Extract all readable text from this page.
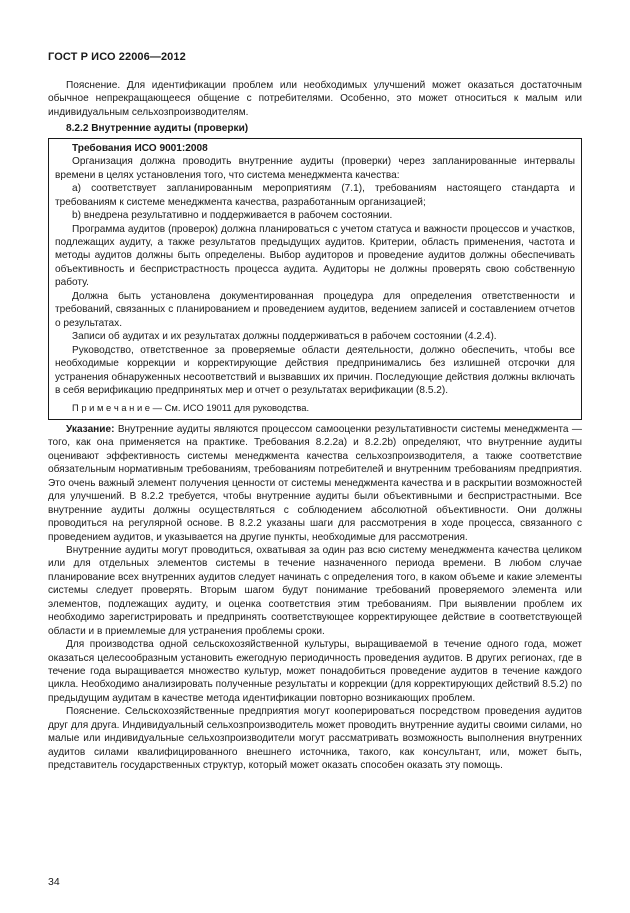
ГОСТ Р ИСО 22006—2012

Пояснение. Для идентификации проблем или необходимых улучшений может оказаться достаточным обычное непрекращающееся общение с потребителями. Особенно, это может относиться к малым или индивидуальным сельхозпроизводителям.

8.2.2 Внутренние аудиты (проверки)

Требования ИСО 9001:2008

Организация должна проводить внутренние аудиты (проверки) через запланированные интервалы времени в целях установления того, что система менеджмента качества:

a) соответствует запланированным мероприятиям (7.1), требованиям настоящего стандарта и требованиям к системе менеджмента качества, разработанным организацией;

b) внедрена результативно и поддерживается в рабочем состоянии.

Программа аудитов (проверок) должна планироваться с учетом статуса и важности процессов и участков, подлежащих аудиту, а также результатов предыдущих аудитов. Критерии, область применения, частота и методы аудитов должны быть определены. Выбор аудиторов и проведение аудитов должны обеспечивать объективность и беспристрастность процесса аудита. Аудиторы не должны проверять свою собственную работу.

Должна быть установлена документированная процедура для определения ответственности и требований, связанных с планированием и проведением аудитов, ведением записей и составлением отчетов о результатах.

Записи об аудитах и их результатах должны поддерживаться в рабочем состоянии (4.2.4).

Руководство, ответственное за проверяемые области деятельности, должно обеспечить, чтобы все необходимые коррекции и корректирующие действия предпринимались без излишней отсрочки для устранения обнаруженных несоответствий и вызвавших их причин. Последующие действия должны включать в себя верификацию предпринятых мер и отчет о результатах верификации (8.5.2).

П р и м е ч а н и е — См. ИСО 19011 для руководства.

Указание: Внутренние аудиты являются процессом самооценки результативности системы менеджмента — того, как она применяется на практике. Требования 8.2.2a) и 8.2.2b) определяют, что внутренние аудиты оценивают эффективность системы менеджмента качества сельхозпроизводителя, а также соответствие обязательным нормативным требованиям, требованиям потребителей и внутренним требованиям предприятия. Это очень важный элемент получения ценности от системы менеджмента качества и в раскрытии возможностей для улучшений. В 8.2.2 требуется, чтобы внутренние аудиты были объективными и беспристрастными. Все внутренние аудиты должны осуществляться с соблюдением абсолютной объективности. Они должны проводиться на регулярной основе. В 8.2.2 указаны шаги для рассмотрения в ходе процесса, связанного с проведением аудитов, и указывается на другие пункты, необходимые для рассмотрения.

Внутренние аудиты могут проводиться, охватывая за один раз всю систему менеджмента качества целиком или для отдельных элементов системы в течение назначенного периода времени. В любом случае планирование всех внутренних аудитов следует начинать с определения того, в каком объеме и какие элементы системы следует проверять. Вторым шагом будут понимание требований проверяемого элемента или элементов, подлежащих аудиту, и оценка соответствия этим требованиям. При выявлении проблем их необходимо зарегистрировать и предпринять соответствующее корректирующее действие в соответствующей области и в приемлемые для устранения проблемы сроки.

Для производства одной сельскохозяйственной культуры, выращиваемой в течение одного года, может оказаться целесообразным установить ежегодную периодичность проведения аудитов. В других регионах, где в течение года выращивается множество культур, может понадобиться проведение аудитов в течение каждого цикла. Необходимо анализировать полученные результаты и коррекции (для корректирующих действий 8.5.2) по предыдущим аудитам в качестве метода идентификации повторно возникающих проблем.

Пояснение. Сельскохозяйственные предприятия могут кооперироваться посредством проведения аудитов друг для друга. Индивидуальный сельхозпроизводитель может проводить внутренние аудиты своими силами, но малые или индивидуальные сельхозпроизводители могут рассматривать возможность выполнения внутренних аудитов силами квалифицированного внешнего источника, такого, как консультант, или, может быть, представитель государственных структур, который может оказать способен оказать эту помощь.

34
